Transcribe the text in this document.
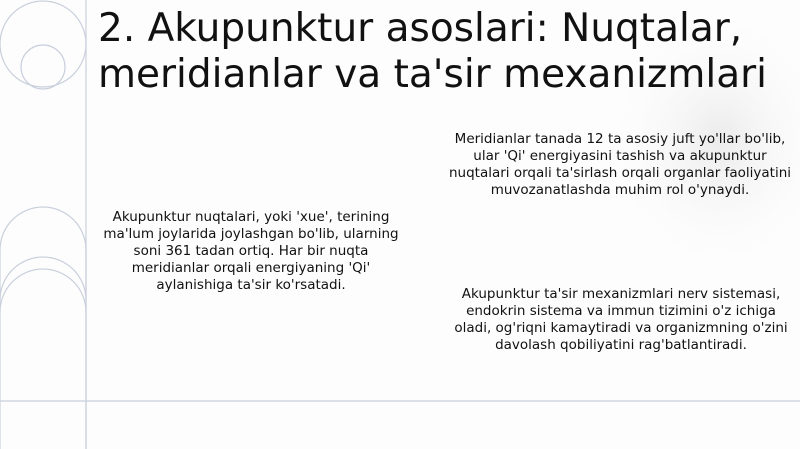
2. Akupunktur asoslari: Nuqtalar, meridianlar va ta'sir mexanizmlari
Akupunktur nuqtalari, yoki 'xue', terining ma'lum joylarida joylashgan bo'lib, ularning soni 361 tadan ortiq. Har bir nuqta meridianlar orqali energiyaning 'Qi' aylanishiga ta'sir ko'rsatadi.
Meridianlar tanada 12 ta asosiy juft yo'llar bo'lib, ular 'Qi' energiyasini tashish va akupunktur nuqtalari orqali ta'sirlash orqali organlar faoliyatini muvozanatlashda muhim rol o'ynaydi.
Akupunktur ta'sir mexanizmlari nerv sistemasi, endokrin sistema va immun tizimini o'z ichiga oladi, og'riqni kamaytiradi va organizmning o'zini davolash qobiliyatini rag'batlantiradi.
